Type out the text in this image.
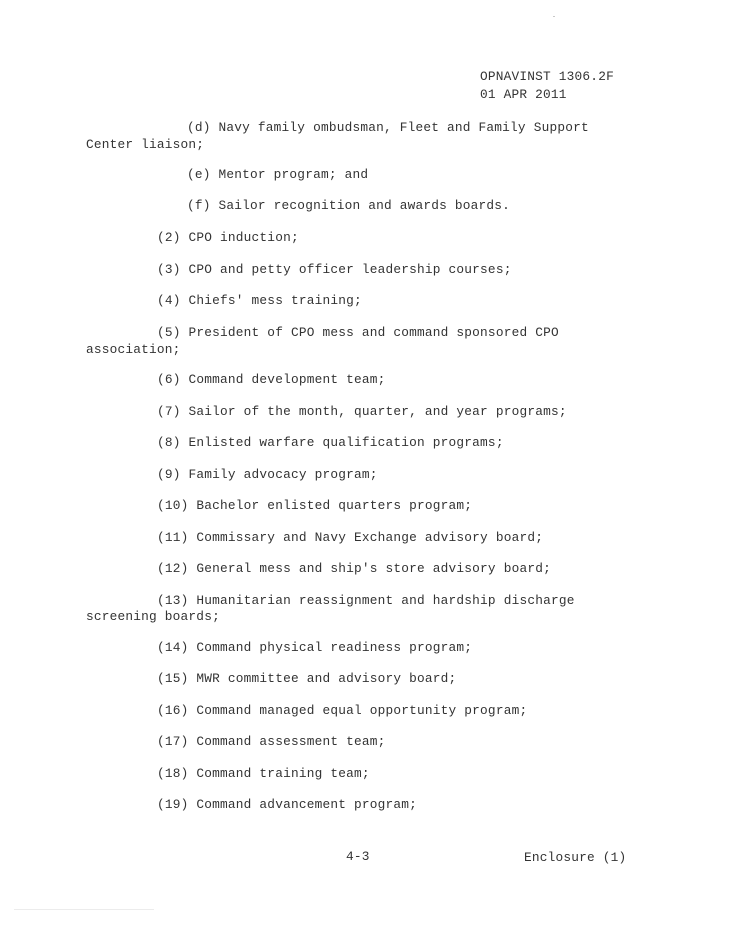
OPNAVINST 1306.2F

01 APR 2011

(d) Navy family ombudsman, Fleet and Family Support

Center liaison;

(e) Mentor program; and

(f) Sailor recognition and awards boards.

(2) CPO induction;

(3) CPO and petty officer leadership courses;

(4) Chiefs' mess training;

(5) President of CPO mess and command sponsored CPO

association;

(6) Command development team;

(7) Sailor of the month, quarter, and year programs;

(8) Enlisted warfare qualification programs;

(9) Family advocacy program;

(10) Bachelor enlisted quarters program;

(11) Commissary and Navy Exchange advisory board;

(12) General mess and ship's store advisory board;

(13) Humanitarian reassignment and hardship discharge

screening boards;

(14) Command physical readiness program;

(15) MWR committee and advisory board;

(16) Command managed equal opportunity program;

(17) Command assessment team;

(18) Command training team;

(19) Command advancement program;

4-3	Enclosure (1)
